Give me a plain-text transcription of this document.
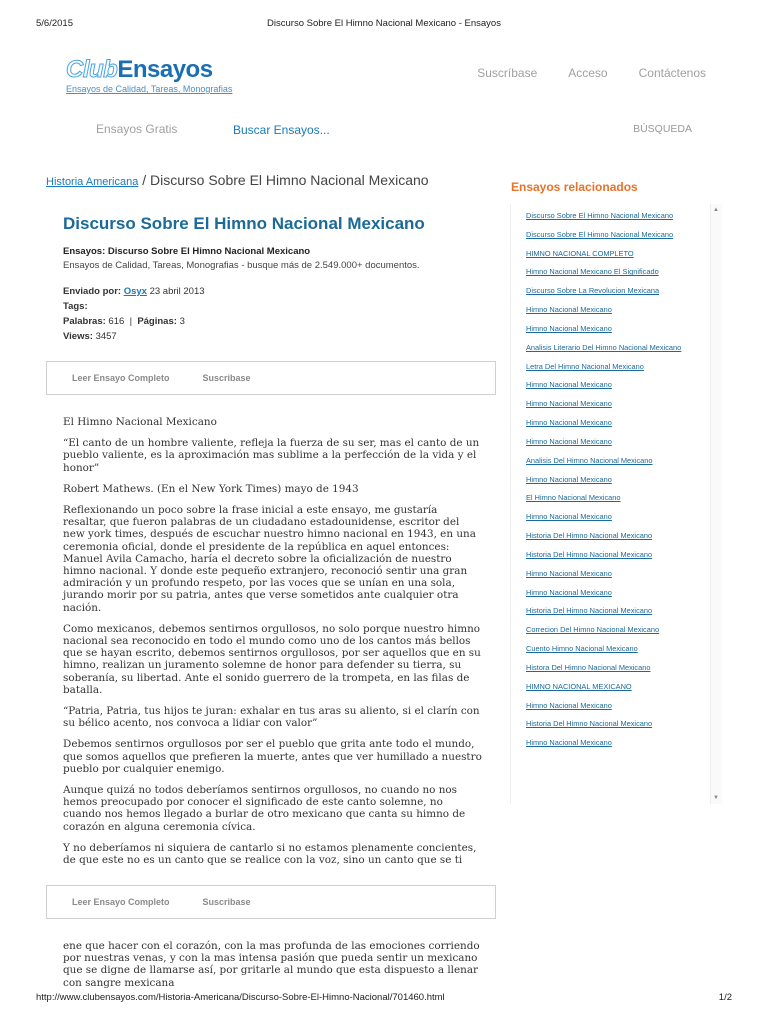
5/6/2015	Discurso Sobre El Himno Nacional Mexicano - Ensayos
ClubEnsayos
Ensayos de Calidad, Tareas, Monografias
Suscríbase	Acceso	Contáctenos
Ensayos Gratis	Buscar Ensayos...	BÚSQUEDA
Historia Americana / Discurso Sobre El Himno Nacional Mexicano
Discurso Sobre El Himno Nacional Mexicano
Ensayos: Discurso Sobre El Himno Nacional Mexicano
Ensayos de Calidad, Tareas, Monografias - busque más de 2.549.000+ documentos.
Enviado por: Osyx 23 abril 2013
Tags:
Palabras: 616 | Páginas: 3
Views: 3457
Leer Ensayo Completo	Suscribase

El Himno Nacional Mexicano

“El canto de un hombre valiente, refleja la fuerza de su ser, mas el canto de un pueblo valiente, es la aproximación mas sublime a la perfección de la vida y el honor”

Robert Mathews. (En el New York Times) mayo de 1943

Reflexionando un poco sobre la frase inicial a este ensayo, me gustaría resaltar, que fueron palabras de un ciudadano estadounidense, escritor del new york times, después de escuchar nuestro himno nacional en 1943, en una ceremonia oficial, donde el presidente de la república en aquel entonces: Manuel Avila Camacho, haría el decreto sobre la oficialización de nuestro himno nacional. Y donde este pequeño extranjero, reconoció sentir una gran admiración y un profundo respeto, por las voces que se unían en una sola, jurando morir por su patria, antes que verse sometidos ante cualquier otra nación.

Como mexicanos, debemos sentirnos orgullosos, no solo porque nuestro himno nacional sea reconocido en todo el mundo como uno de los cantos más bellos que se hayan escrito, debemos sentirnos orgullosos, por ser aquellos que en su himno, realizan un juramento solemne de honor para defender su tierra, su soberanía, su libertad. Ante el sonido guerrero de la trompeta, en las filas de batalla.

“Patria, Patria, tus hijos te juran: exhalar en tus aras su aliento, si el clarín con su bélico acento, nos convoca a lidiar con valor”

Debemos sentirnos orgullosos por ser el pueblo que grita ante todo el mundo, que somos aquellos que prefieren la muerte, antes que ver humillado a nuestro pueblo por cualquier enemigo.

Aunque quizá no todos deberíamos sentirnos orgullosos, no cuando no nos hemos preocupado por conocer el significado de este canto solemne, no cuando nos hemos llegado a burlar de otro mexicano que canta su himno de corazón en alguna ceremonia cívica.

Y no deberíamos ni siquiera de cantarlo si no estamos plenamente concientes, de que este no es un canto que se realice con la voz, sino un canto que se ti

Leer Ensayo Completo	Suscribase

ene que hacer con el corazón, con la mas profunda de las emociones corriendo por nuestras venas, y con la mas intensa pasión que pueda sentir un mexicano que se digne de llamarse así, por gritarle al mundo que esta dispuesto a llenar con sangre mexicana

Ensayos relacionados
Discurso Sobre El Himno Nacional Mexicano
Discurso Sobre El Himno Nacional Mexicano
HIMNO NACIONAL COMPLETO
Himno Nacional Mexicano El Significado
Discurso Sobre La Revolucion Mexicana
Himno Nacional Mexicano
Himno Nacional Mexicano
Analisis Literario Del Himno Nacional Mexicano
Letra Del Himno Nacional Mexicano
Himno Nacional Mexicano
Himno Nacional Mexicano
Himno Nacional Mexicano
Himno Nacional Mexicano
Analisis Del Himno Nacional Mexicano
Himno Nacional Mexicano
El Himno Nacional Mexicano
Himno Nacional Mexicano
Historia Del Himno Nacional Mexicano
Historia Del Himno Nacional Mexicano
Himno Nacional Mexicano
Himno Nacional Mexicano
Historia Del Himno Nacional Mexicano
Correcion Del Himno Nacional Mexicano
Cuento Himno Nacional Mexicano
Histora Del Himno Nacional Mexicano
HIMNO NACIONAL MEXICANO
Himno Nacional Mexicano
Historia Del Himno Nacional Mexicano
Himno Nacional Mexicano
▲
▼
http://www.clubensayos.com/Historia-Americana/Discurso-Sobre-El-Himno-Nacional/701460.html	1/2
